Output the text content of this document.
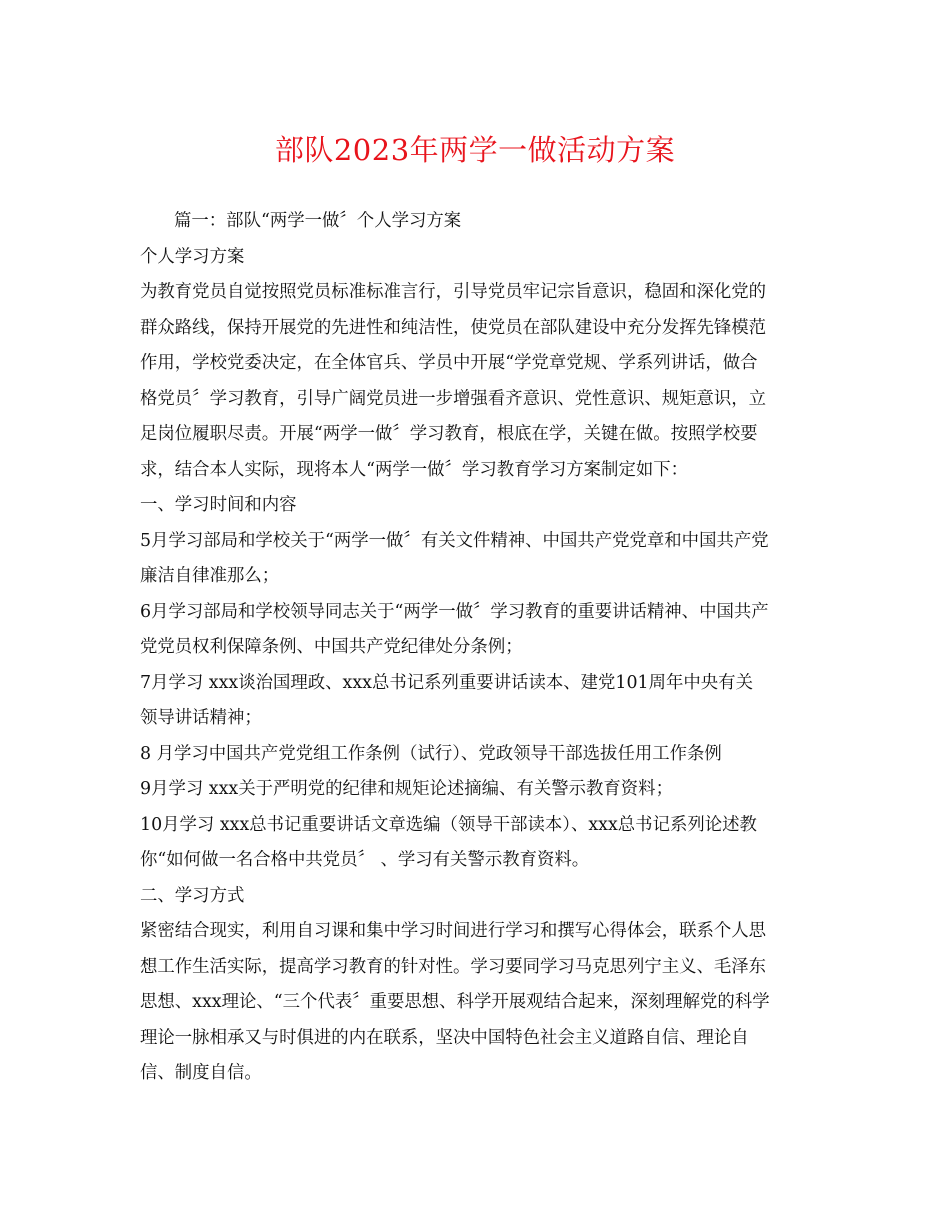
部队2023年两学一做活动方案

篇一：部队“两学一做〞个人学习方案

个人学习方案

为教育党员自觉按照党员标准标准言行，引导党员牢记宗旨意识，稳固和深化党的

群众路线，保持开展党的先进性和纯洁性，使党员在部队建设中充分发挥先锋模范

作用，学校党委决定，在全体官兵、学员中开展“学党章党规、学系列讲话，做合

格党员〞学习教育，引导广阔党员进一步增强看齐意识、党性意识、规矩意识，立

足岗位履职尽责。开展“两学一做〞学习教育，根底在学，关键在做。按照学校要

求，结合本人实际，现将本人“两学一做〞学习教育学习方案制定如下：

一、学习时间和内容

5月学习部局和学校关于“两学一做〞有关文件精神、中国共产党党章和中国共产党

廉洁自律准那么；

6月学习部局和学校领导同志关于“两学一做〞学习教育的重要讲话精神、中国共产

党党员权利保障条例、中国共产党纪律处分条例；

7月学习 xxx谈治国理政、xxx总书记系列重要讲话读本、建党101周年中央有关

领导讲话精神；

8 月学习中国共产党党组工作条例（试行）、党政领导干部选拔任用工作条例

9月学习 xxx关于严明党的纪律和规矩论述摘编、有关警示教育资料；

10月学习 xxx总书记重要讲话文章选编（领导干部读本）、xxx总书记系列论述教

你“如何做一名合格中共党员〞 、学习有关警示教育资料。

二、学习方式

紧密结合现实，利用自习课和集中学习时间进行学习和撰写心得体会，联系个人思

想工作生活实际，提高学习教育的针对性。学习要同学习马克思列宁主义、毛泽东

思想、xxx理论、“三个代表〞重要思想、科学开展观结合起来，深刻理解党的科学

理论一脉相承又与时俱进的内在联系，坚决中国特色社会主义道路自信、理论自

信、制度自信。
